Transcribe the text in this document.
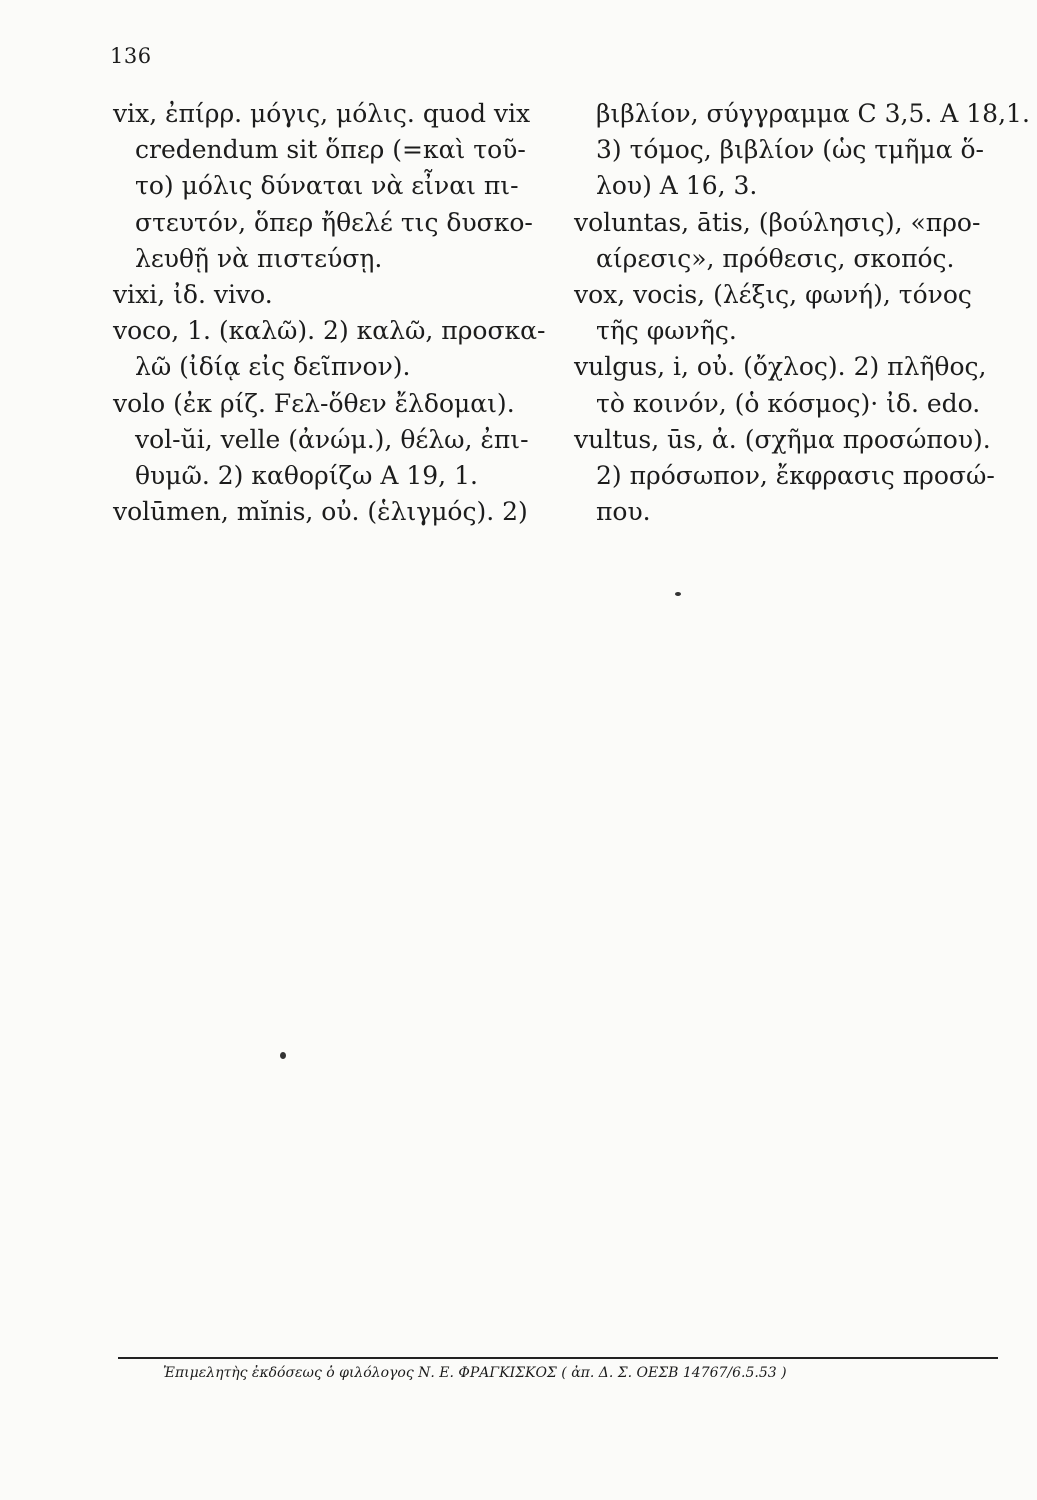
136
vix, ἐπίρρ. μόγις, μόλις. quod vix
credendum sit ὅπερ (=καὶ τοῦ-
το) μόλις δύναται νὰ εἶναι πι-
στευτόν, ὅπερ ἤθελέ τις δυσκο-
λευθῇ νὰ πιστεύσῃ.
vixi, ἰδ. vivo.
voco, 1. (καλῶ). 2) καλῶ, προσκα-
λῶ (ἰδίᾳ εἰς δεῖπνον).
volo (ἐκ ρίζ. Fελ-ὅθεν ἔλδομαι).
vol-ŭi, velle (ἀνώμ.), θέλω, ἐπι-
θυμῶ. 2) καθορίζω A 19, 1.
volūmen, mĭnis, οὐ. (ἑλιγμός). 2)
βιβλίον, σύγγραμμα C 3,5. A 18,1.
3) τόμος, βιβλίον (ὡς τμῆμα ὅ-
λου) A 16, 3.
voluntas, ātis, (βούλησις), «προ-
αίρεσις», πρόθεσις, σκοπός.
vox, vocis, (λέξις, φωνή), τόνος
τῆς φωνῆς.
vulgus, i, οὐ. (ὄχλος). 2) πλῆθος,
τὸ κοινόν, (ὁ κόσμος)· ἰδ. edo.
vultus, ūs, ἀ. (σχῆμα προσώπου).
2) πρόσωπον, ἔκφρασις προσώ-
που.
Ἐπιμελητὴς ἐκδόσεως ὁ φιλόλογος Ν. Ε. ΦΡΑΓΚΙΣΚΟΣ ( ἀπ. Δ. Σ. ΟΕΣΒ 14767/6.5.53 )
